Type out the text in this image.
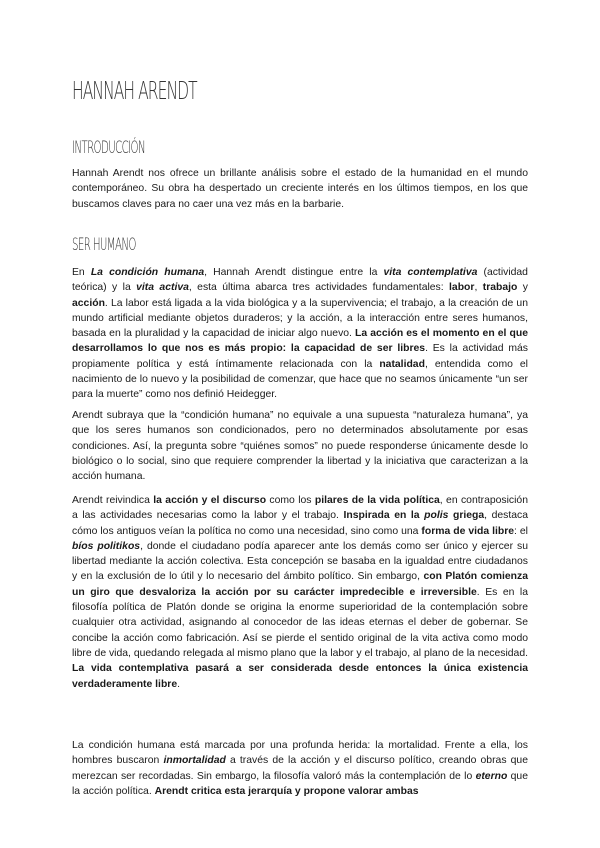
HANNAH ARENDT
INTRODUCCIÓN

Hannah Arendt nos ofrece un brillante análisis sobre el estado de la humanidad en el mundo contemporáneo. Su obra ha despertado un creciente interés en los últimos tiempos, en los que buscamos claves para no caer una vez más en la barbarie.

SER HUMANO

En La condición humana, Hannah Arendt distingue entre la vita contemplativa (actividad teórica) y la vita activa, esta última abarca tres actividades fundamentales: labor, trabajo y acción. La labor está ligada a la vida biológica y a la supervivencia; el trabajo, a la creación de un mundo artificial mediante objetos duraderos; y la acción, a la interacción entre seres humanos, basada en la pluralidad y la capacidad de iniciar algo nuevo. La acción es el momento en el que desarrollamos lo que nos es más propio: la capacidad de ser libres. Es la actividad más propiamente política y está íntimamente relacionada con la natalidad, entendida como el nacimiento de lo nuevo y la posibilidad de comenzar, que hace que no seamos únicamente “un ser para la muerte” como nos definió Heidegger.

Arendt subraya que la “condición humana” no equivale a una supuesta “naturaleza humana”, ya que los seres humanos son condicionados, pero no determinados absolutamente por esas condiciones. Así, la pregunta sobre “quiénes somos” no puede responderse únicamente desde lo biológico o lo social, sino que requiere comprender la libertad y la iniciativa que caracterizan a la acción humana.

Arendt reivindica la acción y el discurso como los pilares de la vida política, en contraposición a las actividades necesarias como la labor y el trabajo. Inspirada en la polis griega, destaca cómo los antiguos veían la política no como una necesidad, sino como una forma de vida libre: el bíos politikos, donde el ciudadano podía aparecer ante los demás como ser único y ejercer su libertad mediante la acción colectiva. Esta concepción se basaba en la igualdad entre ciudadanos y en la exclusión de lo útil y lo necesario del ámbito político. Sin embargo, con Platón comienza un giro que desvaloriza la acción por su carácter impredecible e irreversible. Es en la filosofía política de Platón donde se origina la enorme superioridad de la contemplación sobre cualquier otra actividad, asignando al conocedor de las ideas eternas el deber de gobernar. Se concibe la acción como fabricación. Así se pierde el sentido original de la vita activa como modo libre de vida, quedando relegada al mismo plano que la labor y el trabajo, al plano de la necesidad. La vida contemplativa pasará a ser considerada desde entonces la única existencia verdaderamente libre.

La condición humana está marcada por una profunda herida: la mortalidad. Frente a ella, los hombres buscaron inmortalidad a través de la acción y el discurso político, creando obras que merezcan ser recordadas. Sin embargo, la filosofía valoró más la contemplación de lo eterno que la acción política. Arendt critica esta jerarquía y propone valorar ambas
